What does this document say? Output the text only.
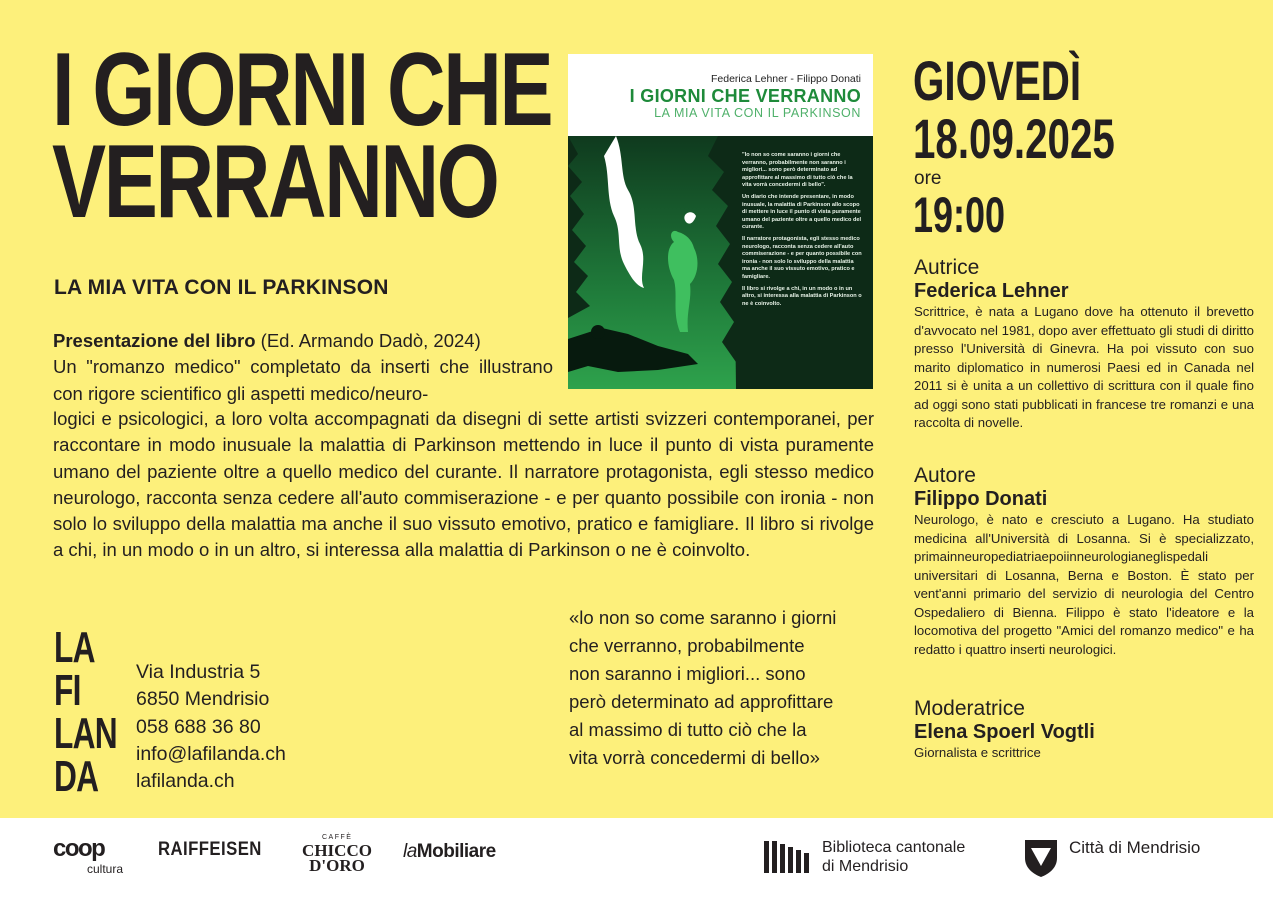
I GIORNI CHE
VERRANNO
LA MIA VITA CON IL PARKINSON
Presentazione del libro (Ed. Armando Dadò, 2024)
Un "romanzo medico" completato da inserti che illustrano con rigore scientifico gli aspetti medico/neuro-
logici e psicologici, a loro volta accompagnati da disegni di sette artisti svizzeri contemporanei, per raccontare in modo inusuale la malattia di Parkinson mettendo in luce il punto di vista puramente umano del paziente oltre a quello medico del curante. Il narratore protagonista, egli stesso medico neurologo, racconta senza cedere all'auto commiserazione - e per quanto possibile con ironia - non solo lo sviluppo della malattia ma anche il suo vissuto emotivo, pratico e famigliare. Il libro si rivolge a chi, in un modo o in un altro, si interessa alla malattia di Parkinson o ne è coinvolto.
Federica Lehner - Filippo Donati
I GIORNI CHE VERRANNO
LA MIA VITA CON IL PARKINSON

"Io non so come saranno i giorni che verranno, probabilmente non saranno i migliori... sono però determinato ad approfittare al massimo di tutto ciò che la vita vorrà concedermi di bello".

Un diario che intende presentare, in modo inusuale, la malattia di Parkinson allo scopo di mettere in luce il punto di vista puramente umano del paziente oltre a quello medico del curante.

Il narratore protagonista, egli stesso medico neurologo, racconta senza cedere all'auto commiserazione - e per quanto possibile con ironia - non solo lo sviluppo della malattia ma anche il suo vissuto emotivo, pratico e famigliare.

Il libro si rivolge a chi, in un modo o in un altro, si interessa alla malattia di Parkinson o ne è coinvolto.

GIOVEDÌ
18.09.2025
ore
19:00
Autrice
Federica Lehner
Scrittrice, è nata a Lugano dove ha ottenuto il brevetto d'avvocato nel 1981, dopo aver effettuato gli studi di diritto presso l'Università di Ginevra. Ha poi vissuto con suo marito diplomatico in numerosi Paesi ed in Canada nel 2011 si è unita a un collettivo di scrittura con il quale fino ad oggi sono stati pubblicati in francese tre romanzi e una raccolta di novelle.
Autore
Filippo Donati
Neurologo, è nato e cresciuto a Lugano. Ha studiato medicina all'Università di Losanna. Si è specializzato, primainneuropediatriaepoiinneurologianeglispedali universitari di Losanna, Berna e Boston. È stato per vent'anni primario del servizio di neurologia del Centro Ospedaliero di Bienna. Filippo è stato l'ideatore e la locomotiva del progetto "Amici del romanzo medico" e ha redatto i quattro inserti neurologici.
Moderatrice
Elena Spoerl Vogtli
Giornalista e scrittrice
«lo non so come saranno i giorni
che verranno, probabilmente
non saranno i migliori... sono
però determinato ad approfittare
al massimo di tutto ciò che la
vita vorrà concedermi di bello»
LA
FI
LAN
DA
Via Industria 5
6850 Mendrisio
058 688 36 80
info@lafilanda.ch
lafilanda.ch
coop
cultura
RAIFFEISEN
CAFFÈ
CHICCO
D'ORO
laMobiliare	Biblioteca cantonale
di Mendrisio
Città di Mendrisio
